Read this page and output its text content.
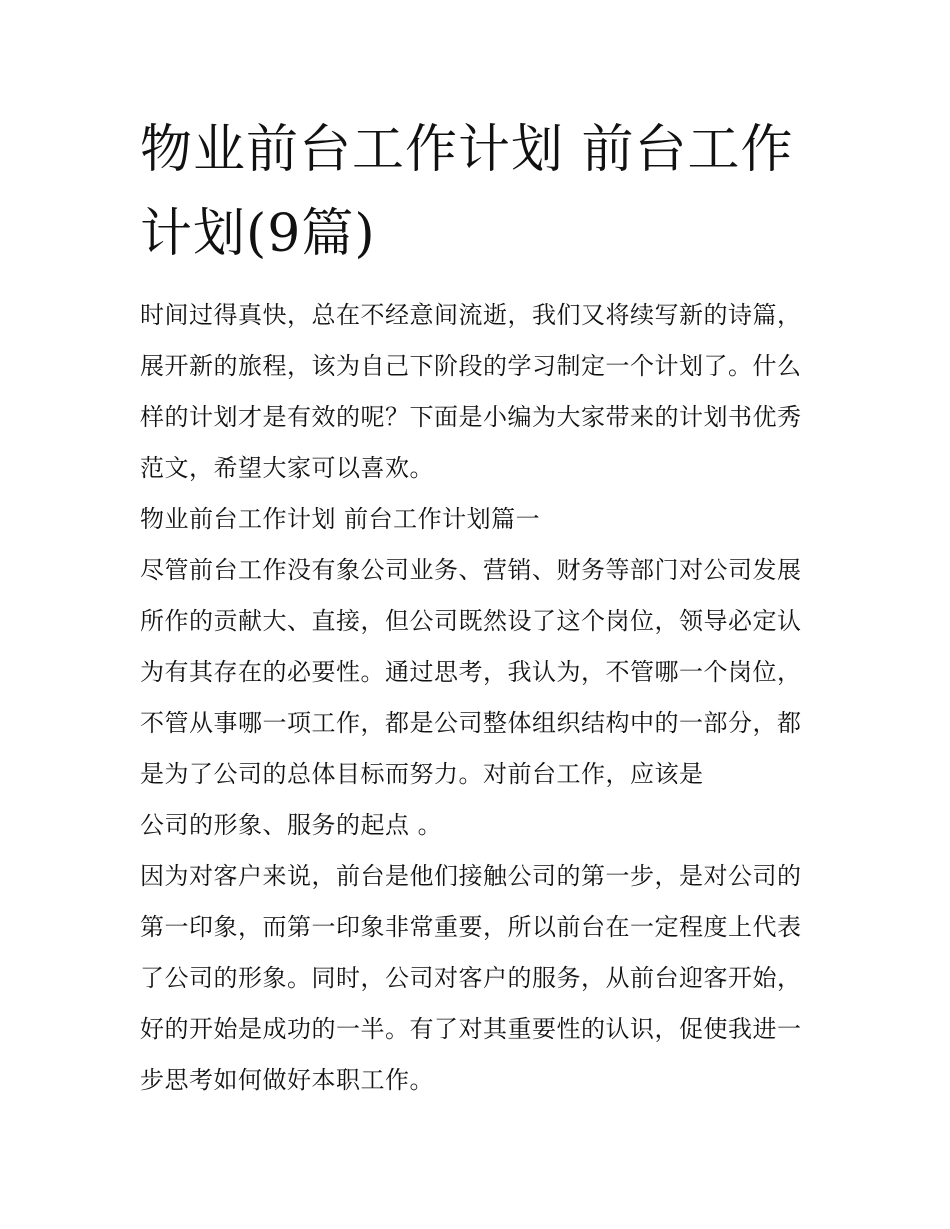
物业前台工作计划 前台工作计划(9篇)

时间过得真快，总在不经意间流逝，我们又将续写新的诗篇，展开新的旅程，该为自己下阶段的学习制定一个计划了。什么样的计划才是有效的呢？下面是小编为大家带来的计划书优秀范文，希望大家可以喜欢。

物业前台工作计划 前台工作计划篇一

尽管前台工作没有象公司业务、营销、财务等部门对公司发展所作的贡献大、直接，但公司既然设了这个岗位，领导必定认为有其存在的必要性。通过思考，我认为，不管哪一个岗位，不管从事哪一项工作，都是公司整体组织结构中的一部分，都是为了公司的总体目标而努力。对前台工作，应该是

公司的形象、服务的起点 。

因为对客户来说，前台是他们接触公司的第一步，是对公司的第一印象，而第一印象非常重要，所以前台在一定程度上代表了公司的形象。同时，公司对客户的服务，从前台迎客开始，好的开始是成功的一半。有了对其重要性的认识，促使我进一步思考如何做好本职工作。
